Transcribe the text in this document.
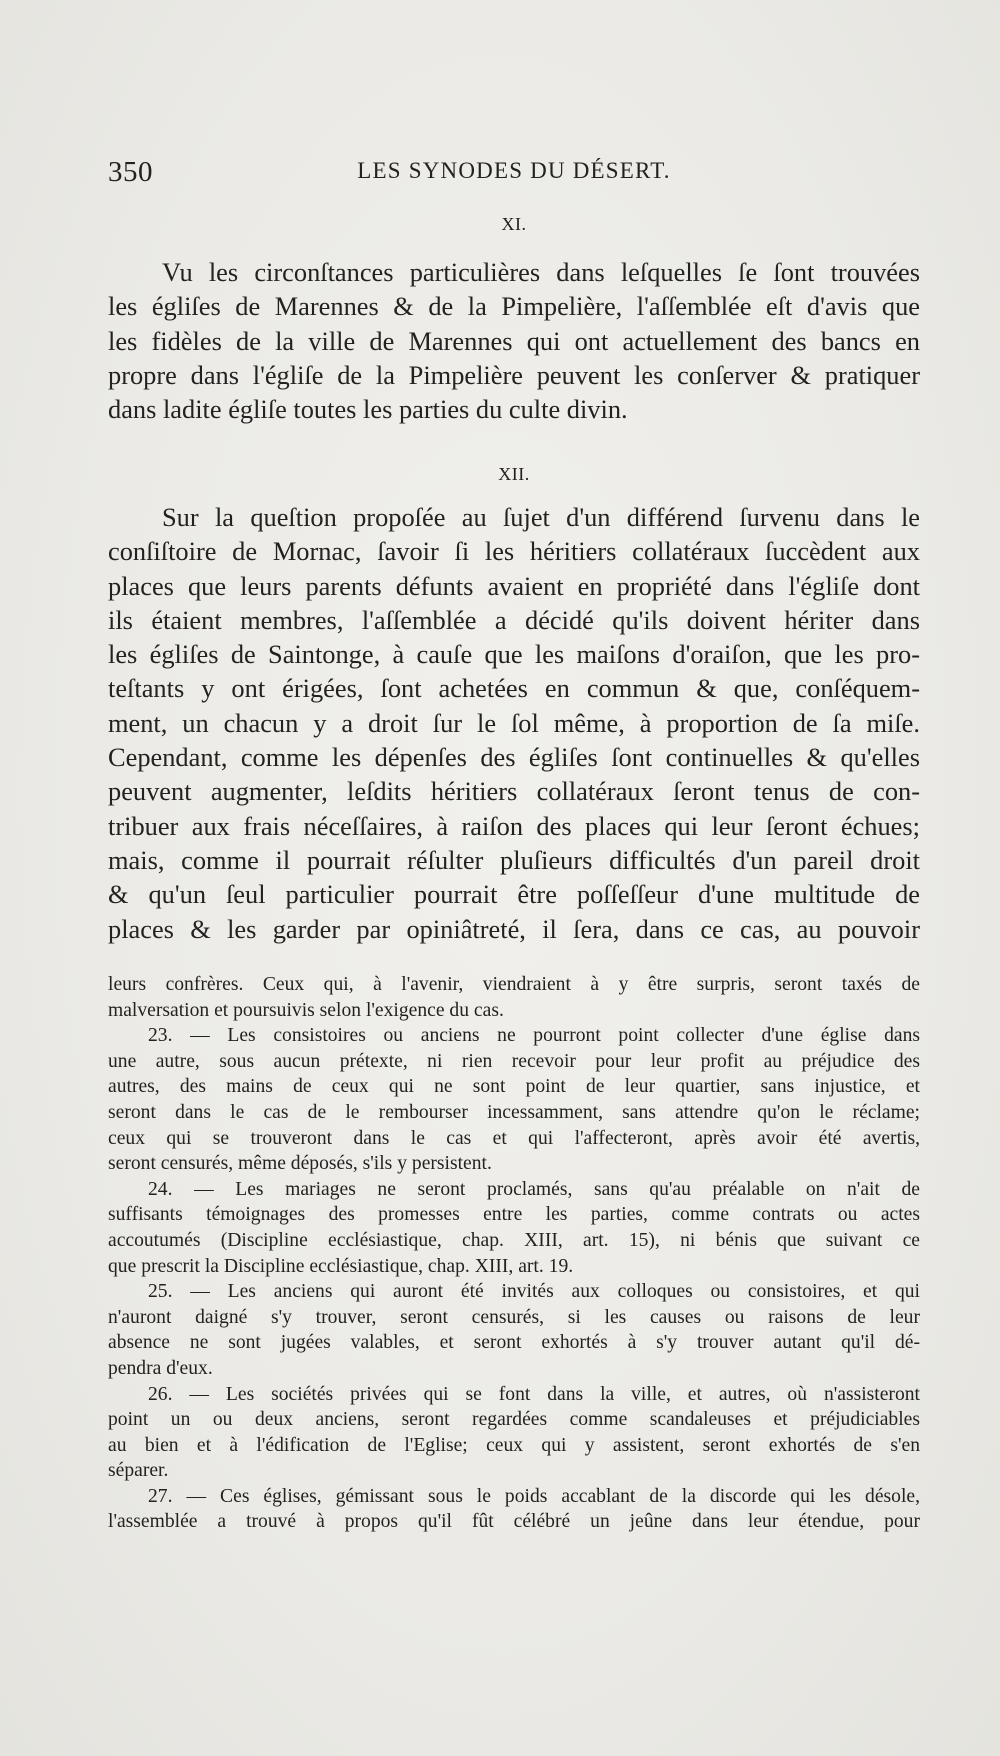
350	LES SYNODES DU DÉSERT.
XI.
Vu les circonſtances particulières dans leſquelles ſe ſont trouvées
les égliſes de Marennes & de la Pimpelière, l'aſſemblée eſt d'avis que
les fidèles de la ville de Marennes qui ont actuellement des bancs en
propre dans l'égliſe de la Pimpelière peuvent les conſerver & pratiquer
dans ladite égliſe toutes les parties du culte divin.
XII.
Sur la queſtion propoſée au ſujet d'un différend ſurvenu dans le
conſiſtoire de Mornac, ſavoir ſi les héritiers collatéraux ſuccèdent aux
places que leurs parents défunts avaient en propriété dans l'égliſe dont
ils étaient membres, l'aſſemblée a décidé qu'ils doivent hériter dans
les égliſes de Saintonge, à cauſe que les maiſons d'oraiſon, que les pro-
teſtants y ont érigées, ſont achetées en commun & que, conſéquem-
ment, un chacun y a droit ſur le ſol même, à proportion de ſa miſe.
Cependant, comme les dépenſes des égliſes ſont continuelles & qu'elles
peuvent augmenter, leſdits héritiers collatéraux ſeront tenus de con-
tribuer aux frais néceſſaires, à raiſon des places qui leur ſeront échues;
mais, comme il pourrait réſulter pluſieurs difficultés d'un pareil droit
& qu'un ſeul particulier pourrait être poſſeſſeur d'une multitude de
places & les garder par opiniâtreté, il ſera, dans ce cas, au pouvoir
leurs confrères. Ceux qui, à l'avenir, viendraient à y être surpris, seront taxés de
malversation et poursuivis selon l'exigence du cas.
23. — Les consistoires ou anciens ne pourront point collecter d'une église dans
une autre, sous aucun prétexte, ni rien recevoir pour leur profit au préjudice des
autres, des mains de ceux qui ne sont point de leur quartier, sans injustice, et
seront dans le cas de le rembourser incessamment, sans attendre qu'on le réclame;
ceux qui se trouveront dans le cas et qui l'affecteront, après avoir été avertis,
seront censurés, même déposés, s'ils y persistent.
24. — Les mariages ne seront proclamés, sans qu'au préalable on n'ait de
suffisants témoignages des promesses entre les parties, comme contrats ou actes
accoutumés (Discipline ecclésiastique, chap. XIII, art. 15), ni bénis que suivant ce
que prescrit la Discipline ecclésiastique, chap. XIII, art. 19.
25. — Les anciens qui auront été invités aux colloques ou consistoires, et qui
n'auront daigné s'y trouver, seront censurés, si les causes ou raisons de leur
absence ne sont jugées valables, et seront exhortés à s'y trouver autant qu'il dé-
pendra d'eux.
26. — Les sociétés privées qui se font dans la ville, et autres, où n'assisteront
point un ou deux anciens, seront regardées comme scandaleuses et préjudiciables
au bien et à l'édification de l'Eglise; ceux qui y assistent, seront exhortés de s'en
séparer.
27. — Ces églises, gémissant sous le poids accablant de la discorde qui les désole,
l'assemblée a trouvé à propos qu'il fût célébré un jeûne dans leur étendue, pour
